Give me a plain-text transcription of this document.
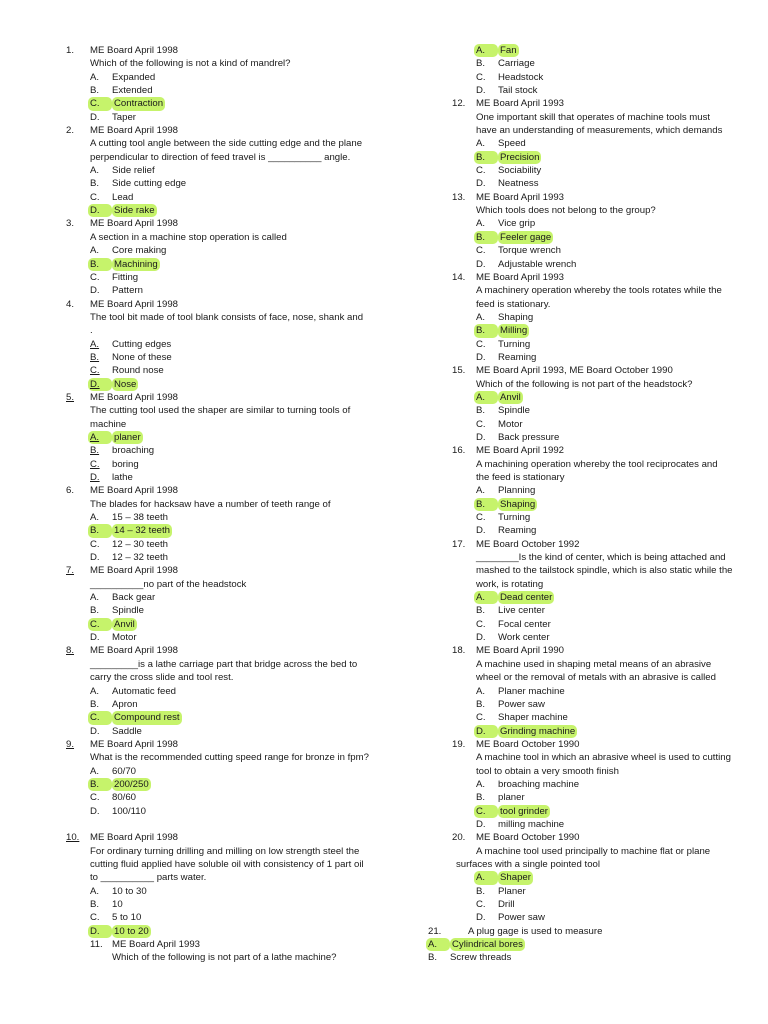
1. ME Board April 1998
Which of the following is not a kind of mandrel?
A. Expanded
B.Extended
C. Contraction
D. Taper
2. ME Board April 1998
A cutting tool angle between the side cutting edge and the plane
perpendicular to direction of feed travel is __________ angle.
A. Side relief
B. Side cutting edge
C. Lead
D. Side rake
3. ME Board April 1998
A section in a machine stop operation is called
A. Core making
B. Machining
C. Fitting
D. Pattern
4. ME Board April 1998
The tool bit made of tool blank consists of face, nose, shank and
.
A. Cutting edges
B. None of these
C. Round nose
D. Nose
5. ME Board April 1998
The cutting tool used the shaper are similar to turning tools of
machine
A. planer
B. broaching
C. boring
D. lathe
6. ME Board April 1998
The blades for hacksaw have a number of teeth range of
A. 15 – 38 teeth
B. 14 – 32 teeth
C. 12 – 30 teeth
D. 12 – 32 teeth
7. ME Board April 1998
__________no part of the headstock
A. Back gear
B. Spindle
C. Anvil
D. Motor
8. ME Board April 1998
_________is a lathe carriage part that bridge across the bed to
carry the cross slide and tool rest.
A. Automatic feed
B. Apron
C. Compound rest
D. Saddle
9. ME Board April 1998
What is the recommended cutting speed range for bronze in fpm?
A. 60/70
B. 200/250
C. 80/60
D. 100/110
10. ME Board April 1998
For ordinary turning drilling and milling on low strength steel the
cutting fluid applied have soluble oil with consistency of 1 part oil
to __________ parts water.
A. 10 to 30
B. 10
C. 5 to 10
D. 10 to 20
11. ME Board April 1993
Which of the following is not part of a lathe machine?
A. Fan
B. Carriage
C. Headstock
D. Tail stock
12. ME Board April 1993
One important skill that operates of machine tools must
have an understanding of measurements, which demands
A. Speed
B. Precision
C. Sociability
D. Neatness
13. ME Board April 1993
Which tools does not belong to the group?
A. Vice grip
B. Feeler gage
C. Torque wrench
D. Adjustable wrench
14. ME Board April 1993
A machinery operation whereby the tools rotates while the
feed is stationary.
A. Shaping
B. Milling
C. Turning
D. Reaming
15. ME Board April 1993, ME Board October 1990
Which of the following is not part of the headstock?
A. Anvil
B. Spindle
C. Motor
D. Back pressure
16. ME Board April 1992
A machining operation whereby the tool reciprocates and
the feed is stationary
A. Planning
B. Shaping
C. Turning
D. Reaming
17. ME Board October 1992
________Is the kind of center, which is being attached and
mashed to the tailstock spindle, which is also static while the
work, is rotating
A. Dead center
B. Live center
C. Focal center
D. Work center
18. ME Board April 1990
A machine used in shaping metal means of an abrasive
wheel or the removal of metals with an abrasive is called
A. Planer machine
B. Power saw
C. Shaper machine
D. Grinding machine
19. ME Board October 1990
A machine tool in which an abrasive wheel is used to cutting
tool to obtain a very smooth finish
A. broaching machine
B. planer
C. tool grinder
D. milling machine
20. ME Board October 1990
A machine tool used principally to machine flat or plane
surfaces with a single pointed tool
A. Shaper
B. Planer
C. Drill
D. Power saw
21.	A plug gage is used to measure
A. Cylindrical bores
B. Screw threads
